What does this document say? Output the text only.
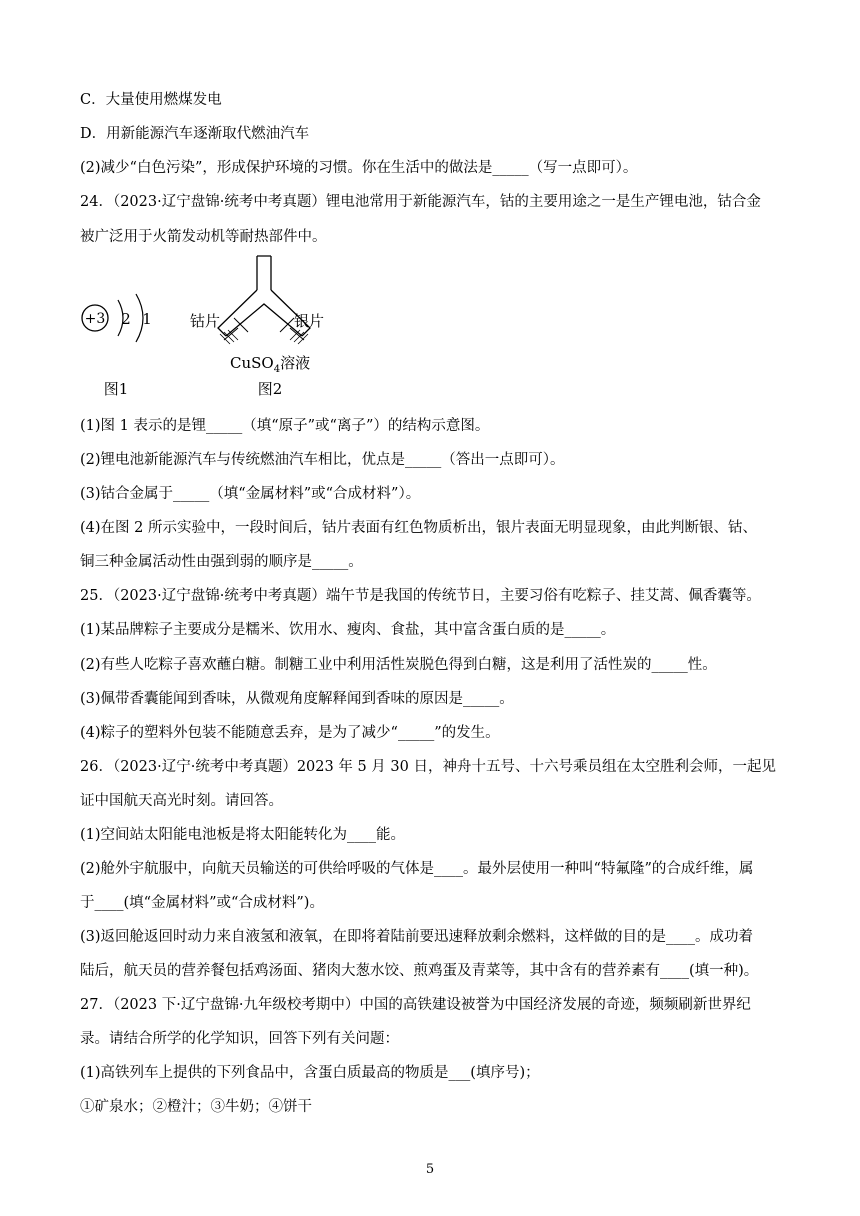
C．大量使用燃煤发电
D．用新能源汽车逐渐取代燃油汽车
(2)减少“白色污染”，形成保护环境的习惯。你在生活中的做法是_____（写一点即可）。
24．（2023·辽宁盘锦·统考中考真题）锂电池常用于新能源汽车，钴的主要用途之一是生产锂电池，钴合金
被广泛用于火箭发动机等耐热部件中。
+3 2 1
图1
钴片	银片
CuSO$_4$溶液
图2
(1)图 1 表示的是锂_____（填“原子”或“离子”）的结构示意图。
(2)锂电池新能源汽车与传统燃油汽车相比，优点是_____（答出一点即可）。
(3)钴合金属于_____（填“金属材料”或“合成材料”）。
(4)在图 2 所示实验中，一段时间后，钴片表面有红色物质析出，银片表面无明显现象，由此判断银、钴、
铜三种金属活动性由强到弱的顺序是_____。
25．（2023·辽宁盘锦·统考中考真题）端午节是我国的传统节日，主要习俗有吃粽子、挂艾蒿、佩香囊等。
(1)某品牌粽子主要成分是糯米、饮用水、瘦肉、食盐，其中富含蛋白质的是_____。
(2)有些人吃粽子喜欢蘸白糖。制糖工业中利用活性炭脱色得到白糖，这是利用了活性炭的_____性。
(3)佩带香囊能闻到香味，从微观角度解释闻到香味的原因是_____。
(4)粽子的塑料外包装不能随意丢弃，是为了减少“_____”的发生。
26．（2023·辽宁·统考中考真题）2023 年 5 月 30 日，神舟十五号、十六号乘员组在太空胜利会师，一起见
证中国航天高光时刻。请回答。
(1)空间站太阳能电池板是将太阳能转化为____能。
(2)舱外宇航服中，向航天员输送的可供给呼吸的气体是____。最外层使用一种叫“特氟隆”的合成纤维，属
于____(填“金属材料”或“合成材料”)。
(3)返回舱返回时动力来自液氢和液氧，在即将着陆前要迅速释放剩余燃料，这样做的目的是____。成功着
陆后，航天员的营养餐包括鸡汤面、猪肉大葱水饺、煎鸡蛋及青菜等，其中含有的营养素有____(填一种)。
27．（2023 下·辽宁盘锦·九年级校考期中）中国的高铁建设被誉为中国经济发展的奇迹，频频刷新世界纪
录。请结合所学的化学知识，回答下列有关问题：
(1)高铁列车上提供的下列食品中，含蛋白质最高的物质是___(填序号)；
①矿泉水；②橙汁；③牛奶；④饼干
5
